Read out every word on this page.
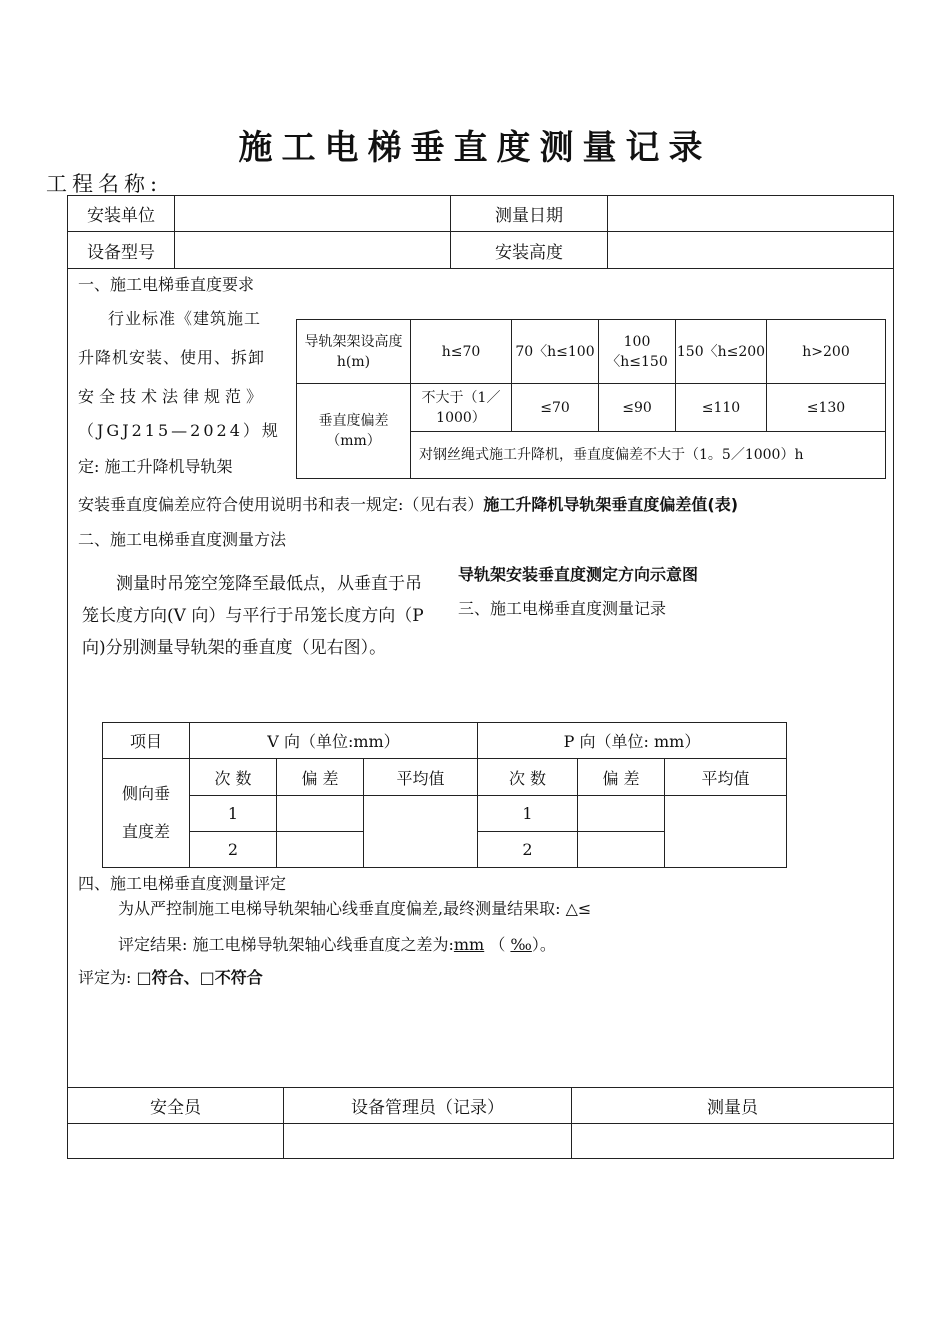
施工电梯垂直度测量记录
工程名称:
安装单位	测量日期
设备型号	安装高度
一、施工电梯垂直度要求
行业标准《建筑施工
升降机安装、使用、拆卸
安全技术法律规范》
（JGJ215—2024）规
定: 施工升降机导轨架
安装垂直度偏差应符合使用说明书和表一规定:（见右表）施工升降机导轨架垂直度偏差值(表)
导轨架架设高度 h(m)	h≤70	70〈h≤100	100〈h≤150	150〈h≤200	h>200
垂直度偏差（mm）	不大于（1／1000）	≤70	≤90	≤110	≤130
	对钢丝绳式施工升降机，垂直度偏差不大于（1。5／1000）h				
二、施工电梯垂直度测量方法
测量时吊笼空笼降至最低点，从垂直于吊笼长度方向(V 向）与平行于吊笼长度方向（P 向)分别测量导轨架的垂直度（见右图）。
导轨架安装垂直度测定方向示意图
三、施工电梯垂直度测量记录
项目	V 向（单位:mm）			P 向（单位: mm）		
侧向垂直度差	次 数	偏 差	平均值	次 数	偏 差	平均值
	1			1		
	2			2		
四、施工电梯垂直度测量评定
为从严控制施工电梯导轨架轴心线垂直度偏差,最终测量结果取: △≤
评定结果: 施工电梯导轨架轴心线垂直度之差为:mm （ ‰）。
评定为: □符合、□不符合
安全员	设备管理员（记录）	测量员
